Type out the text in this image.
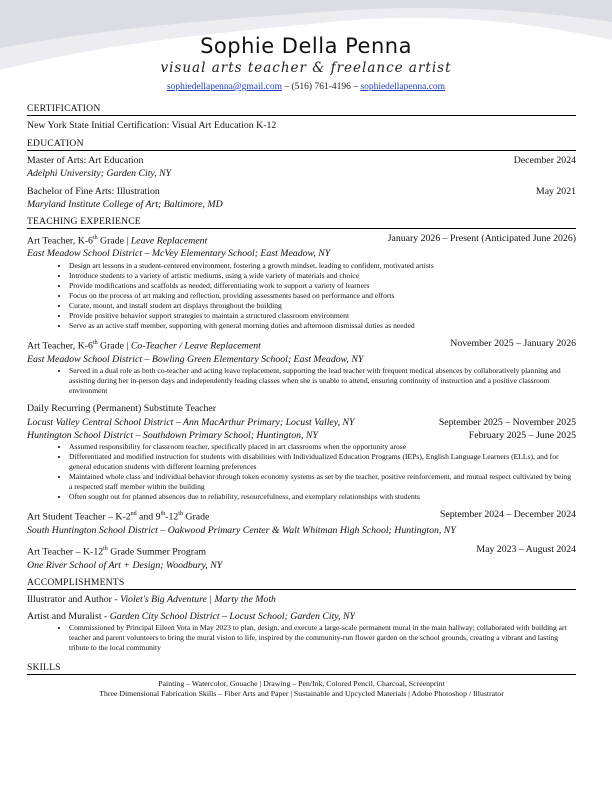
Sophie Della Penna
visual arts teacher & freelance artist
sophiedellapenna@gmail.com – (516) 761-4196 – sophiedellapenna.com
CERTIFICATION
New York State Initial Certification: Visual Art Education K-12
EDUCATION
Master of Arts: Art Education	December 2024
Adelphi University; Garden City, NY
Bachelor of Fine Arts: Illustration	May 2021
Maryland Institute College of Art; Baltimore, MD
TEACHING EXPERIENCE
Art Teacher, K-6th Grade | Leave Replacement	January 2026 – Present (Anticipated June 2026)
East Meadow School District – McVey Elementary School; East Meadow, NY
• Design art lessons in a student-centered environment, fostering a growth mindset, leading to confident, motivated artists
• Introduce students to a variety of artistic mediums, using a wide variety of materials and choice
• Provide modifications and scaffolds as needed, differentiating work to support a variety of learners
• Focus on the process of art making and reflection, providing assessments based on performance and efforts
• Curate, mount, and install student art displays throughout the building
• Provide positive behavior support strategies to maintain a structured classroom environment
• Serve as an active staff member, supporting with general morning duties and afternoon dismissal duties as needed
Art Teacher, K-6th Grade | Co-Teacher / Leave Replacement	November 2025 – January 2026
East Meadow School District – Bowling Green Elementary School; East Meadow, NY
• Served in a dual role as both co-teacher and acting leave replacement, supporting the lead teacher with frequent medical absences by collaboratively planning and assisting during her in-person days and independently leading classes when she is unable to attend, ensuring continuity of instruction and a positive classroom environment
Daily Recurring (Permanent) Substitute Teacher
Locust Valley Central School District – Ann MacArthur Primary; Locust Valley, NY	September 2025 – November 2025
Huntington School District – Southdown Primary School; Huntington, NY	February 2025 – June 2025
• Assumed responsibility for classroom teacher, specifically placed in art classrooms when the opportunity arose
• Differentiated and modified instruction for students with disabilities with Individualized Education Programs (IEPs), English Language Learners (ELLs), and for general education students with different learning preferences
• Maintained whole class and individual behavior through token economy systems as set by the teacher, positive reinforcement, and mutual respect cultivated by being a respected staff member within the building
• Often sought out for planned absences due to reliability, resourcefulness, and exemplary relationships with students
Art Student Teacher – K-2nd and 9th-12th Grade	September 2024 – December 2024
South Huntington School District – Oakwood Primary Center & Walt Whitman High School; Huntington, NY
Art Teacher – K-12th Grade Summer Program	May 2023 – August 2024
One River School of Art + Design; Woodbury, NY
ACCOMPLISHMENTS
Illustrator and Author - Violet's Big Adventure | Marty the Moth
Artist and Muralist - Garden City School District – Locust School; Garden City, NY
• Commissioned by Principal Eileen Vota in May 2023 to plan, design, and execute a large-scale permanent mural in the main hallway; collaborated with building art teacher and parent volunteers to bring the mural vision to life, inspired by the community-run flower garden on the school grounds, creating a vibrant and lasting tribute to the local community
SKILLS
Painting – Watercolor, Gouache | Drawing – Pen/Ink, Colored Pencil, Charcoal, Screenprint
Three Dimensional Fabrication Skills – Fiber Arts and Paper | Sustainable and Upcycled Materials | Adobe Photoshop / Illustrator
